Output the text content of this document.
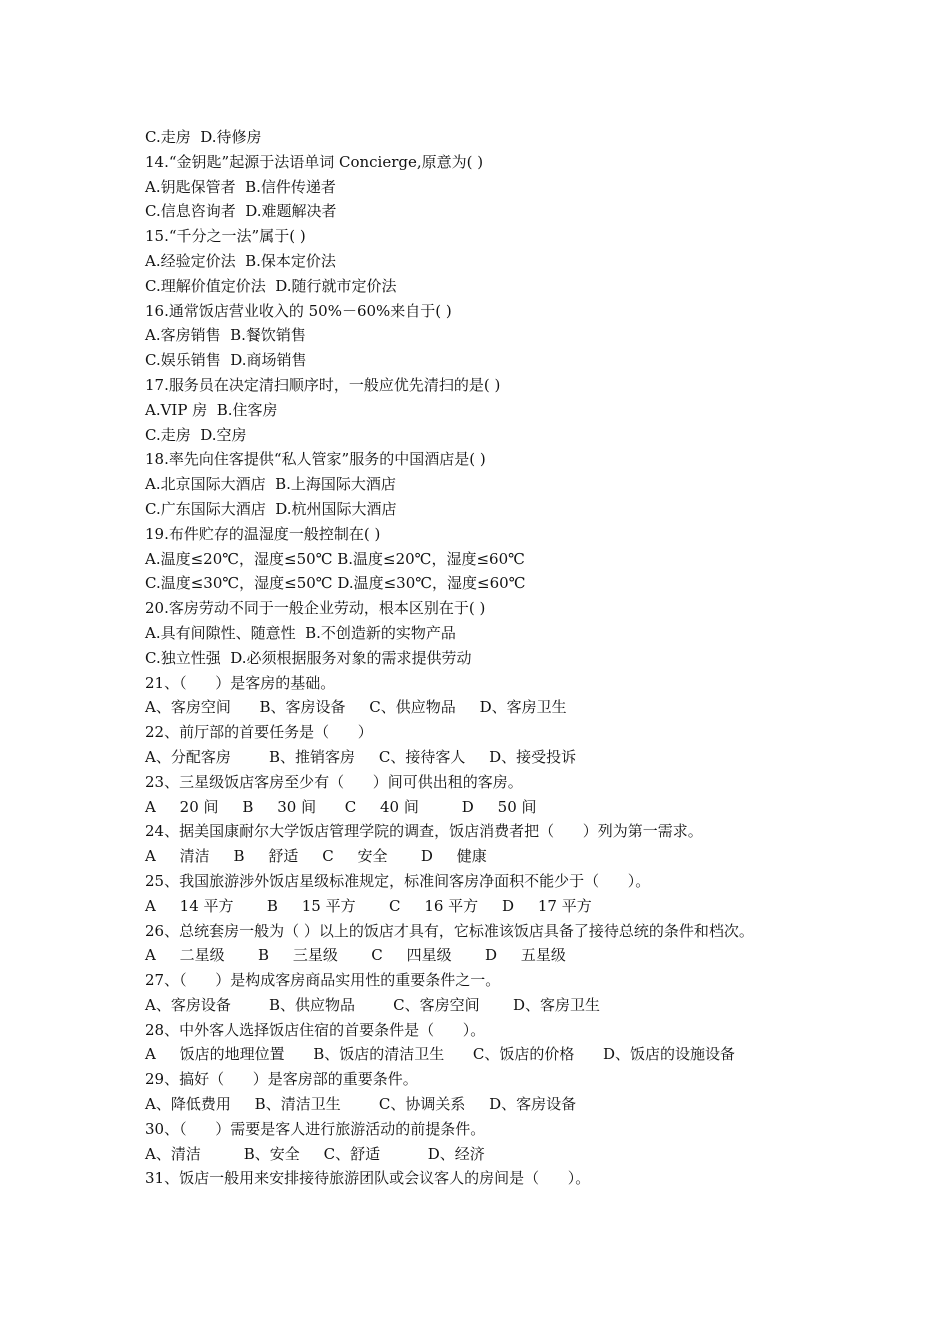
C.走房  D.待修房
14.“金钥匙”起源于法语单词 Concierge,原意为( )
A.钥匙保管者  B.信件传递者
C.信息咨询者  D.难题解决者
15.“千分之一法”属于( )
A.经验定价法  B.保本定价法
C.理解价值定价法  D.随行就市定价法
16.通常饭店营业收入的 50%－60%来自于( )
A.客房销售  B.餐饮销售
C.娱乐销售  D.商场销售
17.服务员在决定清扫顺序时，一般应优先清扫的是( )
A.VIP 房  B.住客房
C.走房  D.空房
18.率先向住客提供“私人管家”服务的中国酒店是( )
A.北京国际大酒店  B.上海国际大酒店
C.广东国际大酒店  D.杭州国际大酒店
19.布件贮存的温湿度一般控制在( )
A.温度≤20℃，湿度≤50℃ B.温度≤20℃，湿度≤60℃
C.温度≤30℃，湿度≤50℃ D.温度≤30℃，湿度≤60℃
20.客房劳动不同于一般企业劳动，根本区别在于( )
A.具有间隙性、随意性  B.不创造新的实物产品
C.独立性强  D.必须根据服务对象的需求提供劳动
21、（      ）是客房的基础。
A、客房空间      B、客房设备     C、供应物品     D、客房卫生
22、前厅部的首要任务是（      ）
A、分配客房        B、推销客房     C、接待客人     D、接受投诉
23、三星级饭店客房至少有（      ）间可供出租的客房。
A     20 间     B     30 间      C     40 间         D     50 间
24、据美国康耐尔大学饭店管理学院的调查，饭店消费者把（      ）列为第一需求。
A     清洁     B     舒适     C     安全       D     健康
25、我国旅游涉外饭店星级标准规定，标准间客房净面积不能少于（      ）。
A     14 平方       B     15 平方       C     16 平方     D     17 平方
26、总统套房一般为（ ）以上的饭店才具有，它标准该饭店具备了接待总统的条件和档次。
A     二星级       B     三星级       C     四星级       D     五星级
27、（      ）是构成客房商品实用性的重要条件之一。
A、客房设备        B、供应物品        C、客房空间       D、客房卫生
28、中外客人选择饭店住宿的首要条件是（      ）。
A     饭店的地理位置      B、饭店的清洁卫生      C、饭店的价格      D、饭店的设施设备
29、搞好（      ）是客房部的重要条件。
A、降低费用     B、清洁卫生        C、协调关系     D、客房设备
30、（      ）需要是客人进行旅游活动的前提条件。
A、清洁         B、安全     C、舒适          D、经济
31、饭店一般用来安排接待旅游团队或会议客人的房间是（      ）。
